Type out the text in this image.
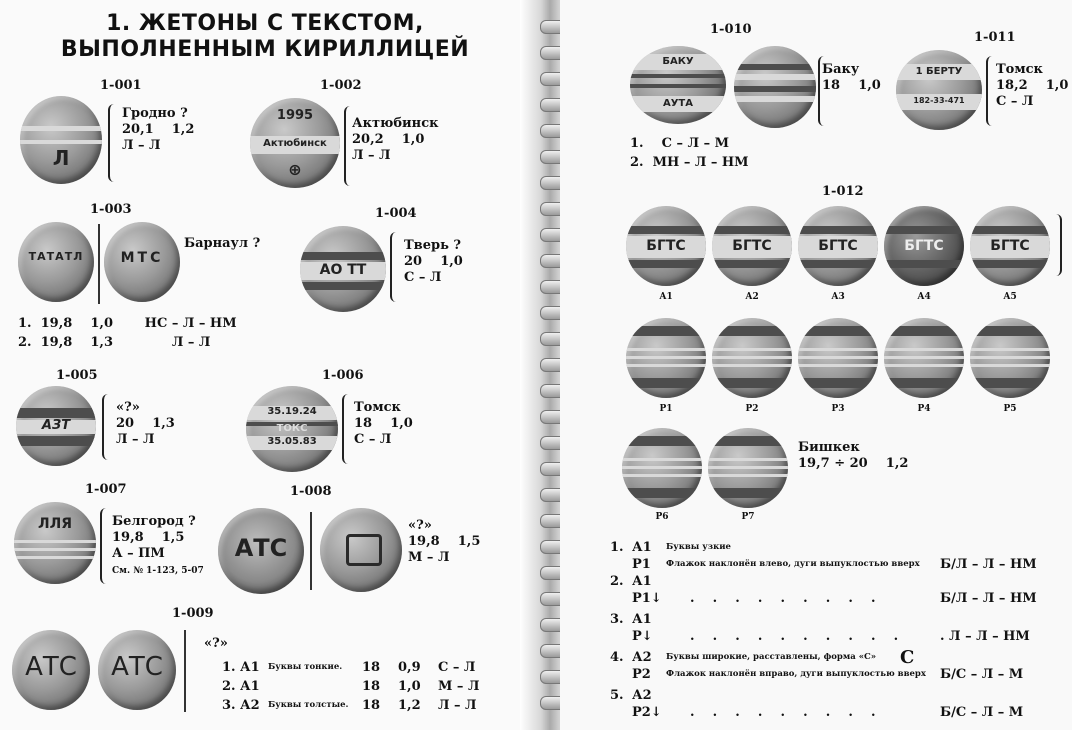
1. ЖЕТОНЫ С ТЕКСТОМ,
ВЫПОЛНЕННЫМ КИРИЛЛИЦЕЙ
1-001
Л
Гродно ?
20,1    1,2
Л – Л
1-002
1995
Актюбинск
⊕
Актюбинск
20,2    1,0
Л – Л
1-003
ТАТАТЛ	МТС
Барнаул ?
1.  19,8    1,0       НС – Л – НМ
2.  19,8    1,3             Л – Л
1-004
АО ТТ
Тверь ?
20    1,0
С – Л
1-005
АЗТ
«?»
20    1,3
Л – Л
1-006
35.19.24
ТОКС
35.05.83
Томск
18    1,0
С – Л
1-007
ЛЛЯ	Белгород ?
19,8    1,5
А – ПМ
См. № 1-123, 5-07
1-008
АТС
«?»
19,8    1,5
М – Л
1-009
АТС	АТС
«?»
1. А1 Буквы тонкие. 18 0,9 С – Л
2. А1	18 1,0 М – Л
3. А2 Буквы толстые. 18 1,2 Л – Л
1-010
БАКУ
АУТА
Баку
18    1,0
1.    С – Л – М
2.  МН – Л – НМ
1-011
1 БЕРТУ
182-33-471
Томск
18,2    1,0
С – Л
1-012
БГТС	БГТС	БГТС	БГТС	БГТС
А1	А2	А3	А4	А5
Р1	Р2	Р3	Р4	Р5
Р6	Р7
Бишкек
19,7 ÷ 20    1,2
1. А1 Буквы узкие
Р1 Флажок наклонён влево, дуги выпуклостью вверх Б/Л – Л – НМ
2. А1
Р1↓ .    .    .    .    .    .    .    .    .	Б/Л – Л – НМ
3. А1
Р↓	.    .    .    .    .    .    .    .    .    .	. Л – Л – НМ
4. А2 Буквы широкие, расставлены, форма «С» С
Р2 Флажок наклонён вправо, дуги выпуклостью вверх Б/С – Л – М
5. А2
Р2↓ .    .    .    .    .    .    .    .    .	Б/С – Л – М
